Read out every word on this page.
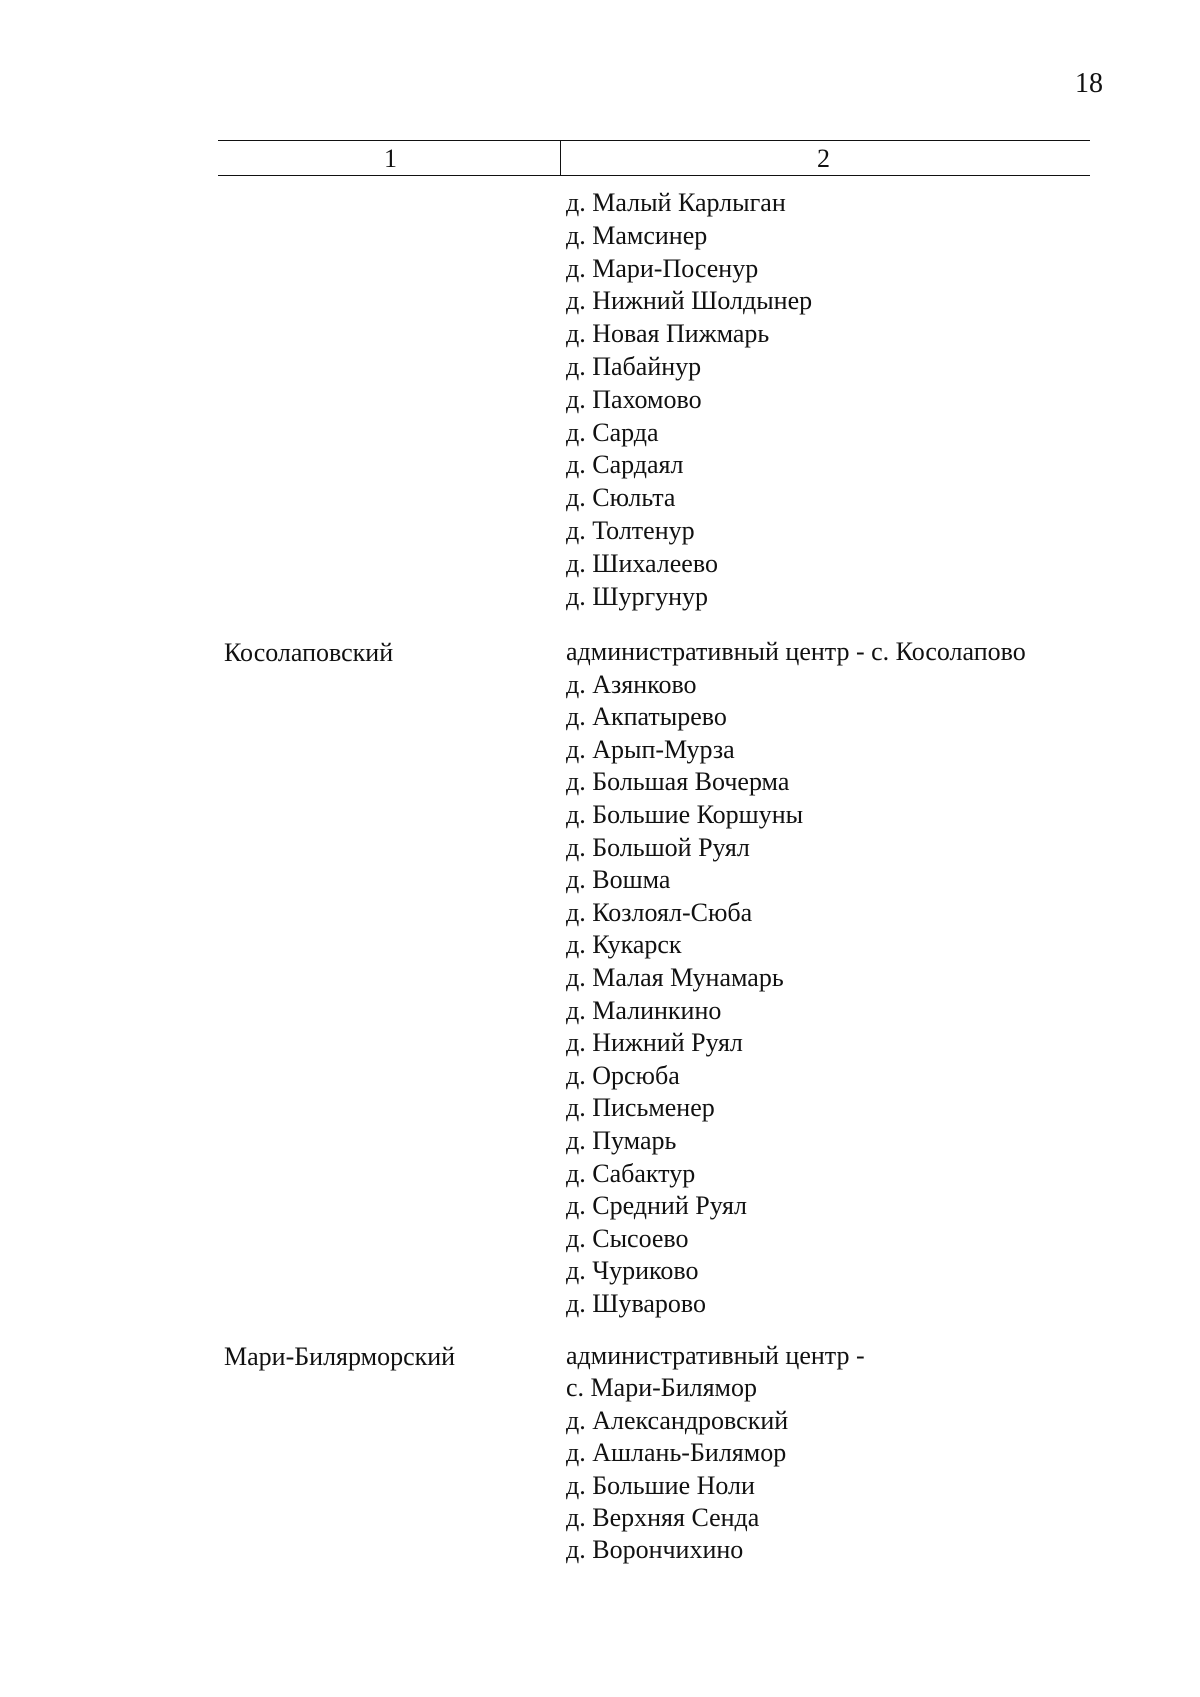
18
1	2
д. Малый Карлыган
д. Мамсинер
д. Мари-Посенур
д. Нижний Шолдынер
д. Новая Пижмарь
д. Пабайнур
д. Пахомово
д. Сарда
д. Сардаял
д. Сюльта
д. Толтенур
д. Шихалеево
д. Шургунур
Косолаповский	административный центр - с. Косолапово
д. Азянково
д. Акпатырево
д. Арып-Мурза
д. Большая Вочерма
д. Большие Коршуны
д. Большой Руял
д. Вошма
д. Козлоял-Сюба
д. Кукарск
д. Малая Мунамарь
д. Малинкино
д. Нижний Руял
д. Орсюба
д. Письменер
д. Пумарь
д. Сабактур
д. Средний Руял
д. Сысоево
д. Чуриково
д. Шуварово
Мари-Билярморский	административный центр -
с. Мари-Билямор
д. Александровский
д. Ашлань-Билямор
д. Большие Ноли
д. Верхняя Сенда
д. Ворончихино
